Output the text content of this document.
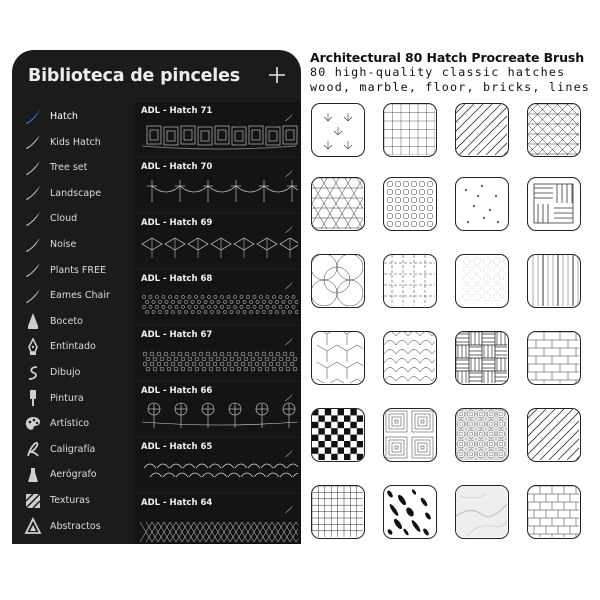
Biblioteca de pinceles
Hatch
Kids Hatch
Tree set
Landscape
Cloud
Noise
Plants FREE
Eames Chair
Boceto
Entintado
Dibujo
Pintura
Artístico
Caligrafía
Aerógrafo
Texturas
Abstractos
ADL - Hatch 71
ADL - Hatch 70
ADL - Hatch 69
ADL - Hatch 68
ADL - Hatch 67
ADL - Hatch 66
ADL - Hatch 65
ADL - Hatch 64
Architectural 80 Hatch Procreate Brush
80 high-quality classic hatches
wood, marble, floor, bricks, lines
